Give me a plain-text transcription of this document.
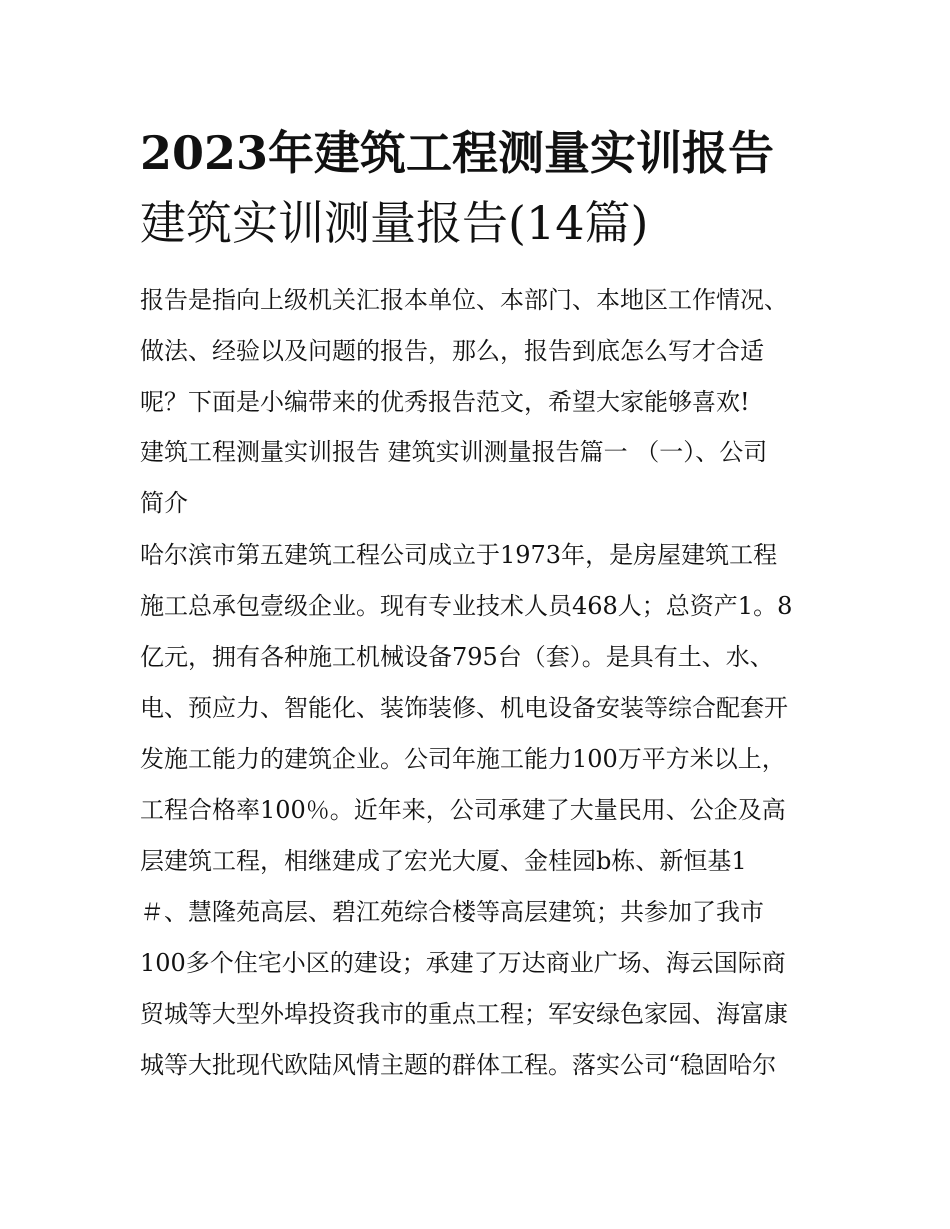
2023年建筑工程测量实训报告
建筑实训测量报告(14篇)
报告是指向上级机关汇报本单位、本部门、本地区工作情况、
做法、经验以及问题的报告，那么，报告到底怎么写才合适
呢？下面是小编带来的优秀报告范文，希望大家能够喜欢!
建筑工程测量实训报告 建筑实训测量报告篇一 （一）、公司
简介
哈尔滨市第五建筑工程公司成立于1973年，是房屋建筑工程
施工总承包壹级企业。现有专业技术人员468人；总资产1。8
亿元，拥有各种施工机械设备795台（套）。是具有土、水、
电、预应力、智能化、装饰装修、机电设备安装等综合配套开
发施工能力的建筑企业。公司年施工能力100万平方米以上，
工程合格率100％。近年来，公司承建了大量民用、公企及高
层建筑工程，相继建成了宏光大厦、金桂园b栋、新恒基1
＃、慧隆苑高层、碧江苑综合楼等高层建筑；共参加了我市
100多个住宅小区的建设；承建了万达商业广场、海云国际商
贸城等大型外埠投资我市的重点工程；军安绿色家园、海富康
城等大批现代欧陆风情主题的群体工程。落实公司“稳固哈尔
